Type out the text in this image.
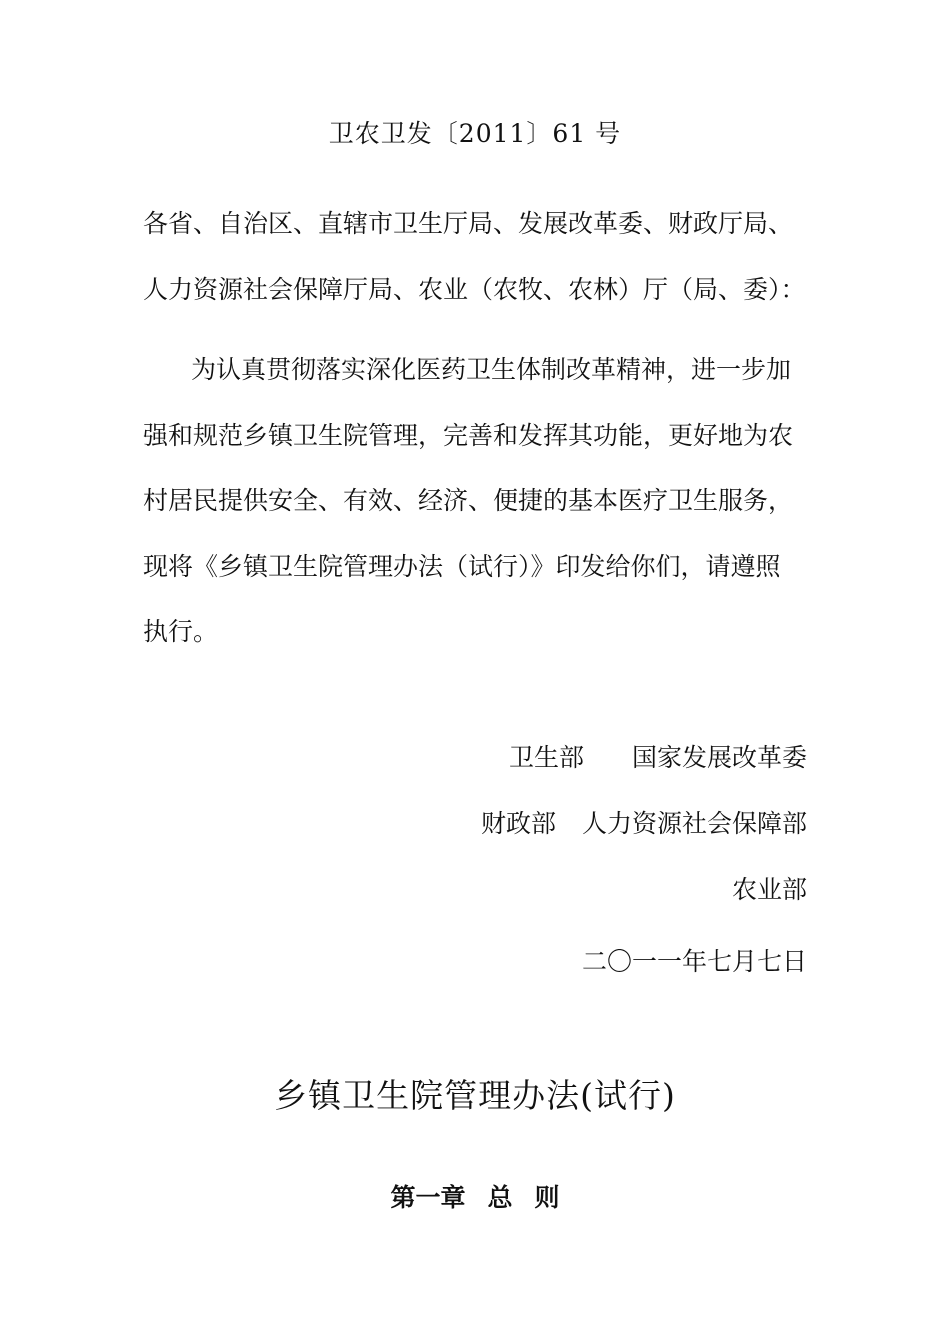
卫农卫发〔2011〕61 号
各省、自治区、直辖市卫生厅局、发展改革委、财政厅局、
人力资源社会保障厅局、农业（农牧、农林）厅（局、委）：
为认真贯彻落实深化医药卫生体制改革精神，进一步加
强和规范乡镇卫生院管理，完善和发挥其功能，更好地为农
村居民提供安全、有效、经济、便捷的基本医疗卫生服务，
现将《乡镇卫生院管理办法（试行）》印发给你们，请遵照
执行。
卫生部 国家发展改革委
财政部 人力资源社会保障部
农业部
二〇一一年七月七日
乡镇卫生院管理办法(试行)
第一章 总 则
